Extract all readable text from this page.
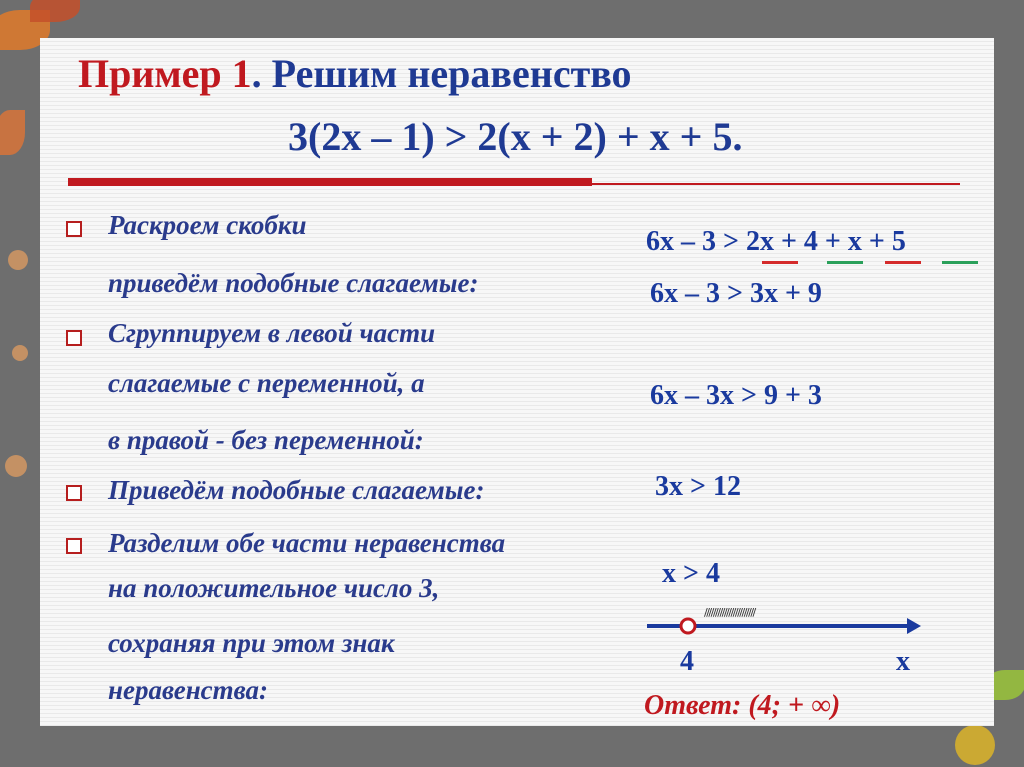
Пример 1. Решим неравенство
3(2х – 1) > 2(х + 2) + х + 5.
Раскроем скобки
приведём подобные слагаемые:
Сгруппируем в левой части
слагаемые с переменной, а
в правой - без переменной:
Приведём подобные слагаемые:
Разделим обе части неравенства
на положительное число 3,
сохраняя при этом знак
неравенства:
6х – 3 > 2х + 4 + х + 5
6х – 3 > 3х + 9
6х – 3х > 9 + 3
3х > 12
х > 4
///////////////////////
4	х
Ответ: (4; + ∞)
